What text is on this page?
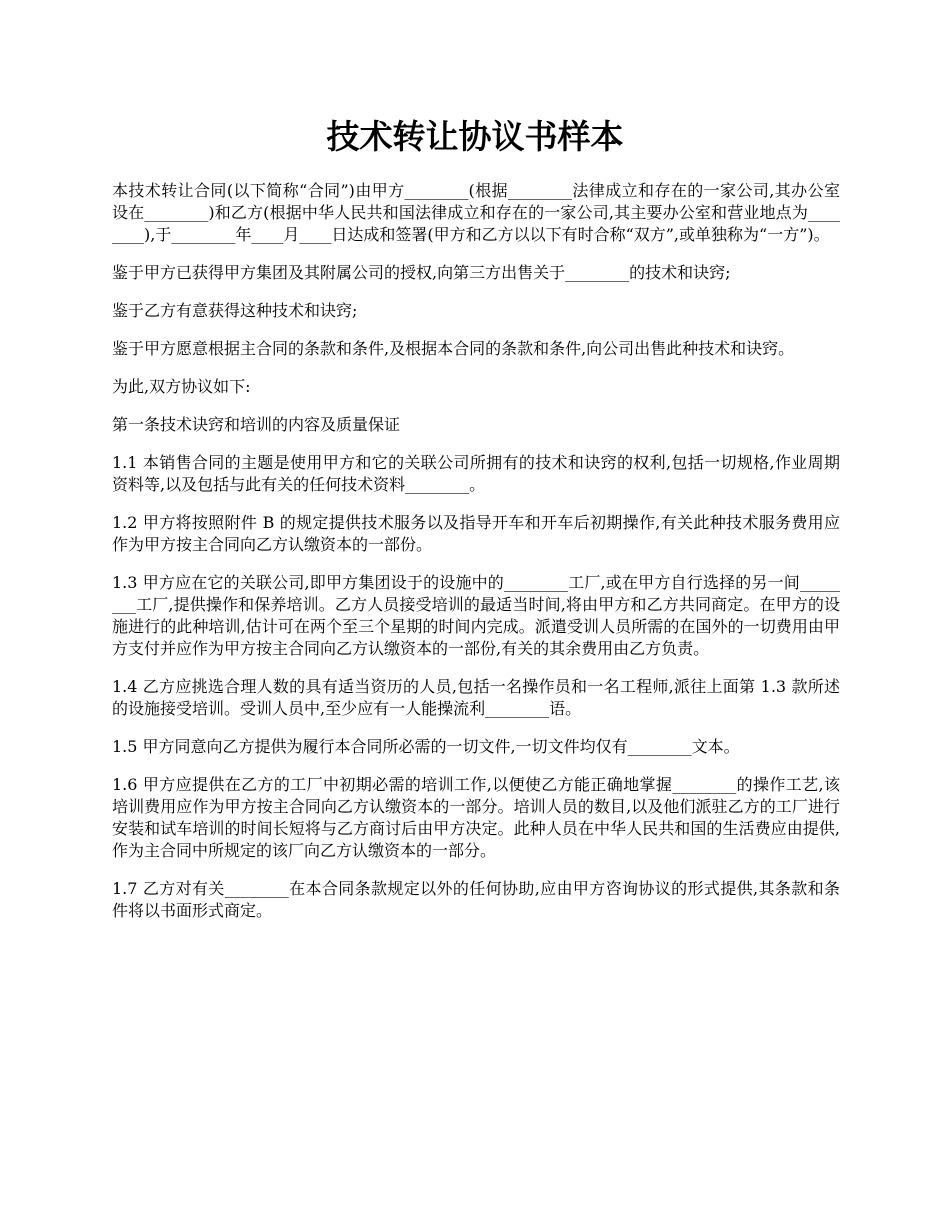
技术转让协议书样本

本技术转让合同(以下简称“合同”)由甲方________(根据________法律成立和存在的一家公司,其办公室设在________)和乙方(根据中华人民共和国法律成立和存在的一家公司,其主要办公室和营业地点为________),于________年____月____日达成和签署(甲方和乙方以以下有时合称“双方”,或单独称为“一方”)。

鉴于甲方已获得甲方集团及其附属公司的授权,向第三方出售关于________的技术和诀窍;

鉴于乙方有意获得这种技术和诀窍;

鉴于甲方愿意根据主合同的条款和条件,及根据本合同的条款和条件,向公司出售此种技术和诀窍。

为此,双方协议如下:

第一条技术诀窍和培训的内容及质量保证

1.1 本销售合同的主题是使用甲方和它的关联公司所拥有的技术和诀窍的权利,包括一切规格,作业周期资料等,以及包括与此有关的任何技术资料________。

1.2 甲方将按照附件 B 的规定提供技术服务以及指导开车和开车后初期操作,有关此种技术服务费用应作为甲方按主合同向乙方认缴资本的一部份。

1.3 甲方应在它的关联公司,即甲方集团设于的设施中的________工厂,或在甲方自行选择的另一间________工厂,提供操作和保养培训。乙方人员接受培训的最适当时间,将由甲方和乙方共同商定。在甲方的设施进行的此种培训,估计可在两个至三个星期的时间内完成。派遣受训人员所需的在国外的一切费用由甲方支付并应作为甲方按主合同向乙方认缴资本的一部份,有关的其余费用由乙方负责。

1.4 乙方应挑选合理人数的具有适当资历的人员,包括一名操作员和一名工程师,派往上面第 1.3 款所述的设施接受培训。受训人员中,至少应有一人能操流利________语。

1.5 甲方同意向乙方提供为履行本合同所必需的一切文件,一切文件均仅有________文本。

1.6 甲方应提供在乙方的工厂中初期必需的培训工作,以便使乙方能正确地掌握________的操作工艺,该培训费用应作为甲方按主合同向乙方认缴资本的一部分。培训人员的数目,以及他们派驻乙方的工厂进行安装和试车培训的时间长短将与乙方商讨后由甲方决定。此种人员在中华人民共和国的生活费应由提供,作为主合同中所规定的该厂向乙方认缴资本的一部分。

1.7 乙方对有关________在本合同条款规定以外的任何协助,应由甲方咨询协议的形式提供,其条款和条件将以书面形式商定。
